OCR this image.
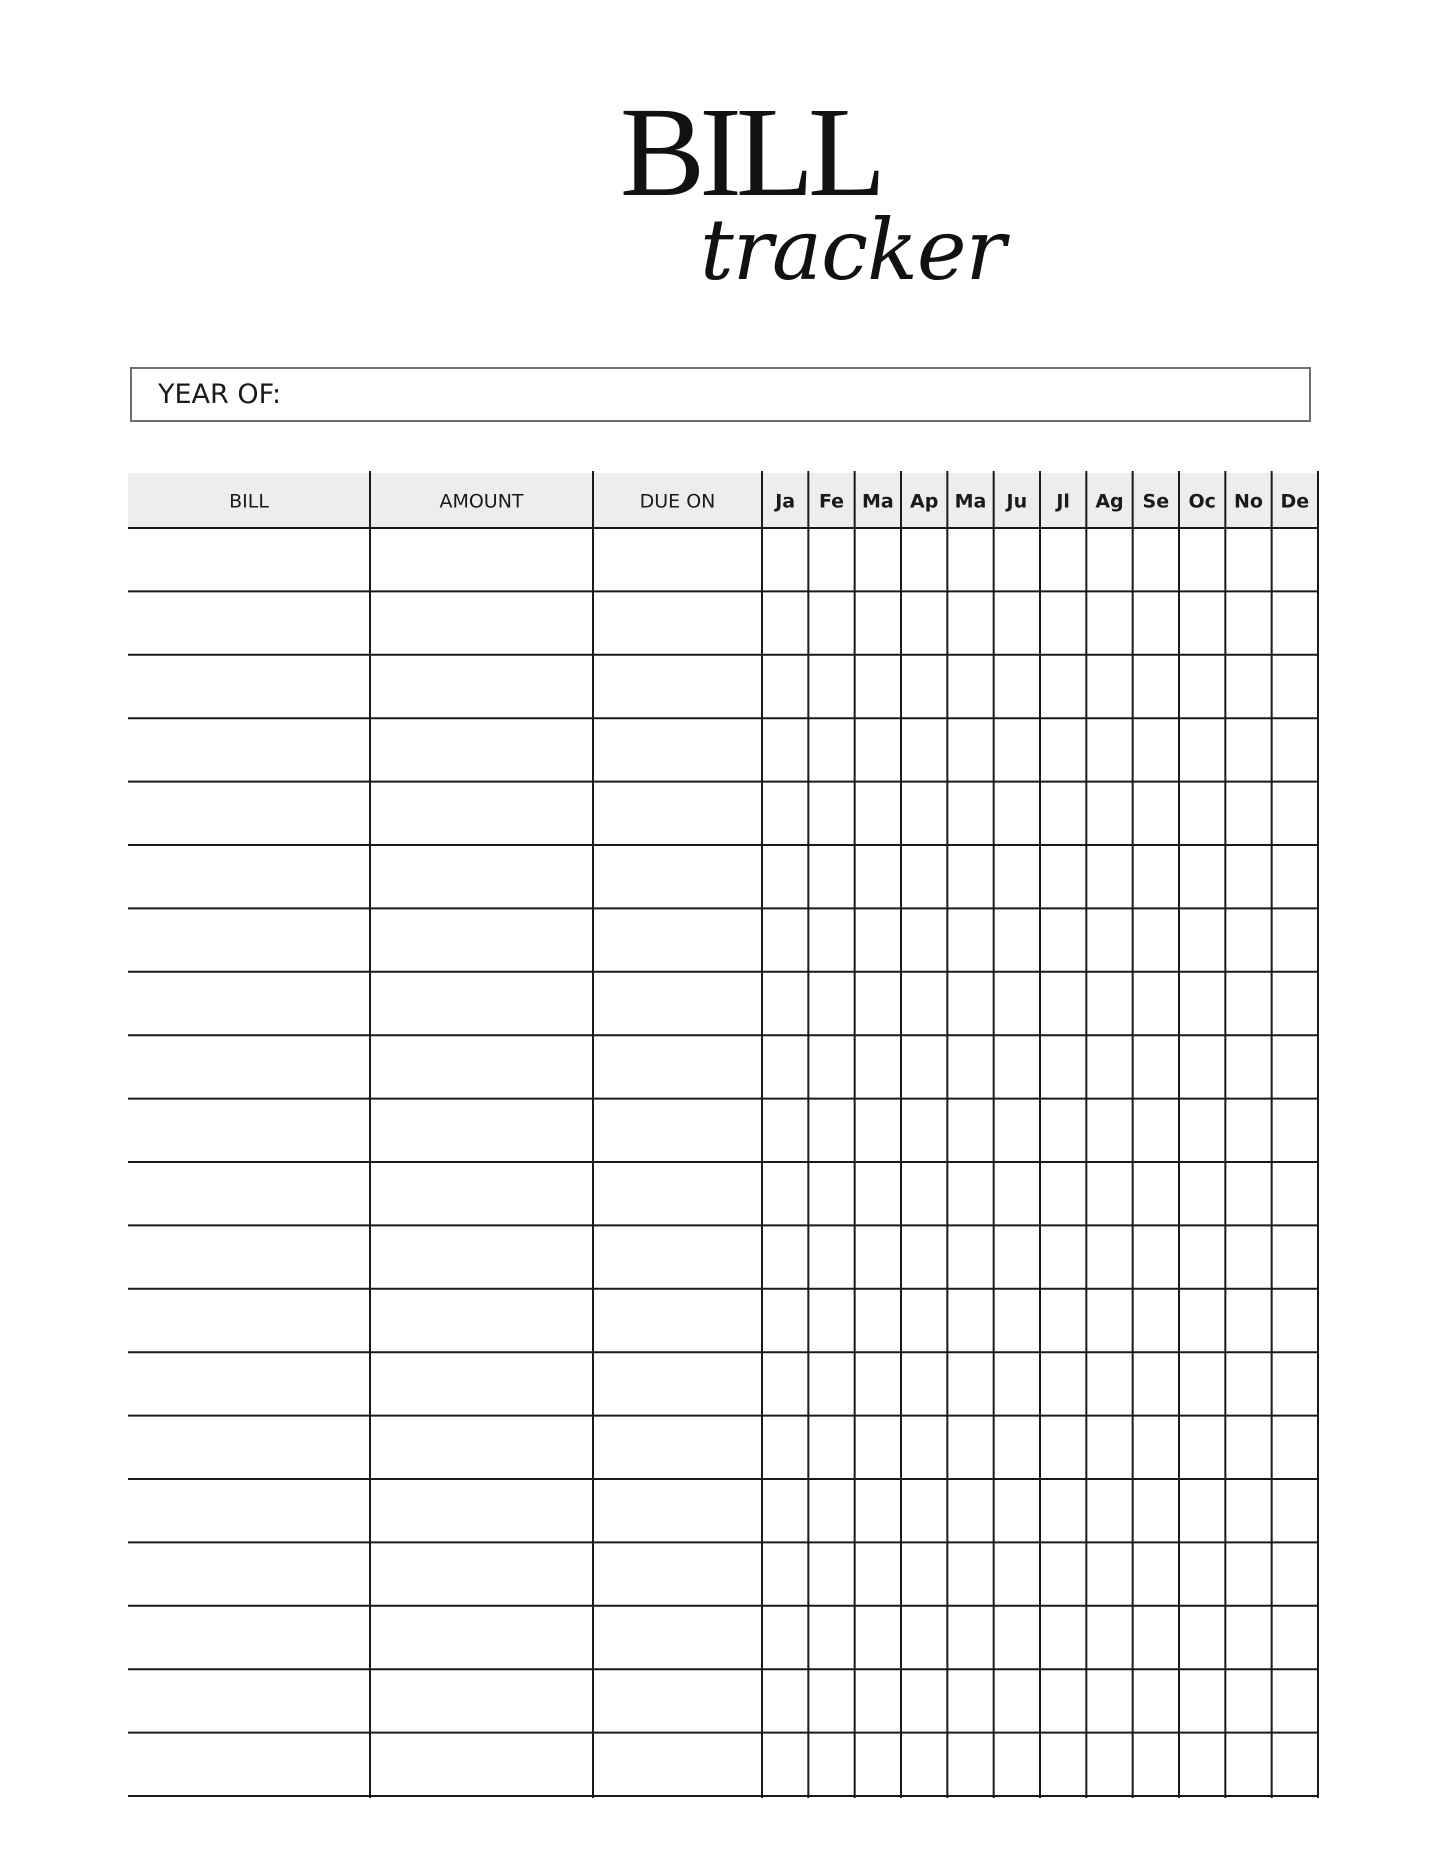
BILL
tracker
YEAR OF:
BILL	AMOUNT	DUE ON	Ja Fe Ma Ap Ma Ju Jl Ag Se Oc No De
